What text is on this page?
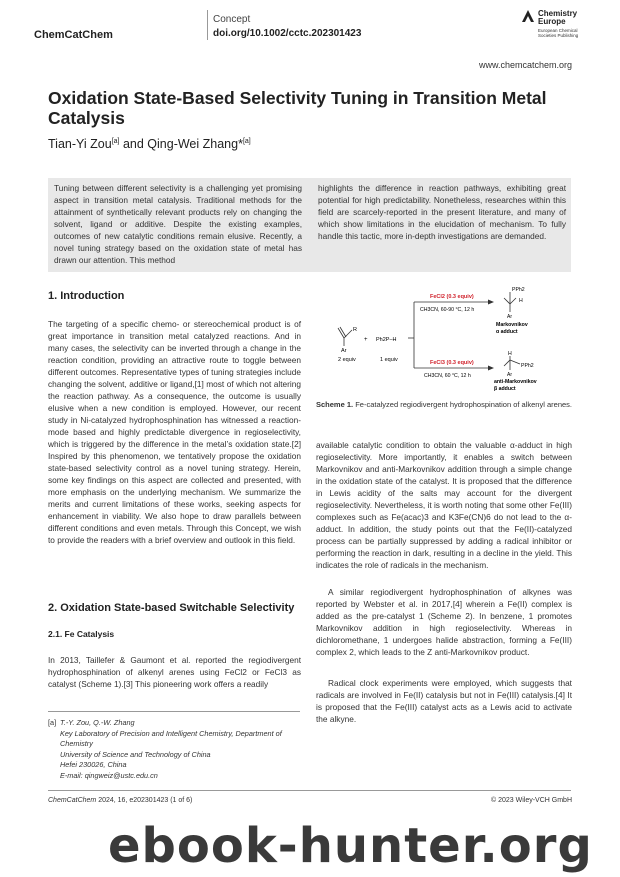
ChemCatChem
Concept
doi.org/10.1002/cctc.202301423
Chemistry
Europe
European Chemical Societies Publishing
www.chemcatchem.org
Oxidation State-Based Selectivity Tuning in Transition Metal Catalysis
Tian-Yi Zou[a] and Qing-Wei Zhang*[a]
Tuning between different selectivity is a challenging yet promising aspect in transition metal catalysis. Traditional methods for the attainment of synthetically relevant products rely on changing the solvent, ligand or additive. Despite the existing examples, outcomes of new catalytic conditions remain elusive. Recently, a novel tuning strategy based on the oxidation state of metal has drawn our attention. This method
highlights the difference in reaction pathways, exhibiting great potential for high predictability. Nonetheless, researches within this field are scarcely-reported in the present literature, and many of which show limitations in the elucidation of mechanism. To fully handle this tactic, more in-depth investigations are demanded.
1. Introduction
The targeting of a specific chemo- or stereochemical product is of great importance in transition metal catalyzed reactions. And in many cases, the selectivity can be inverted through a change in the reaction condition, providing an attractive route to toggle between different outcomes. Representative types of tuning strategies include changing the solvent, additive or ligand,[1] most of which not altering the reaction pathway. As a consequence, the outcome is usually elusive when a new condition is employed. However, our recent study in Ni-catalyzed hydrophosphination has witnessed a reaction-mode based and highly predictable divergence in regioselectivity, which is triggered by the difference in the metal’s oxidation state.[2] Inspired by this phenomenon, we tentatively propose the oxidation state-based selectivity control as a novel tuning strategy. Herein, some key findings on this aspect are collected and presented, with more emphasis on the underlying mechanism. We summarize the merits and current limitations of these works, seeking aspects for enhancement in viability. We also hope to draw parallels between different conditions and even metals. Through this Concept, we wish to provide the readers with a brief overview and outlook in this field.
2. Oxidation State-based Switchable Selectivity
2.1. Fe Catalysis
In 2013, Taillefer & Gaumont et al. reported the regiodivergent hydrophosphination of alkenyl arenes using FeCl2 or FeCl3 as catalyst (Scheme 1).[3] This pioneering work offers a readily
R
Ar
2 equiv
+ Ph2P–H
1 equiv
FeCl2 (0.3 equiv)
CH3CN, 60-90 °C, 12 h
FeCl3 (0.3 equiv)
CH3CN, 60 °C, 12 h
PPh2
H
Ar
Markovnikov
α adduct
H
PPh2
Ar
anti-Markovnikov
β adduct
Scheme 1. Fe-catalyzed regiodivergent hydrophospination of alkenyl arenes.
available catalytic condition to obtain the valuable α-adduct in high regioselectivity. More importantly, it enables a switch between Markovnikov and anti-Markovnikov addition through a simple change in the oxidation state of the catalyst. It is proposed that the difference in Lewis acidity of the salts may account for the divergent regioselectivity. Nevertheless, it is worth noting that some other Fe(III) complexes such as Fe(acac)3 and K3Fe(CN)6 do not lead to the α-adduct. In addition, the study points out that the Fe(II)-catalyzed process can be partially suppressed by adding a radical inhibitor or performing the reaction in dark, resulting in a decline in the yield. This indicates the role of radicals in the mechanism.
A similar regiodivergent hydrophosphination of alkynes was reported by Webster et al. in 2017,[4] wherein a Fe(II) complex is added as the pre-catalyst 1 (Scheme 2). In benzene, 1 promotes Markovnikov addition in high regioselectivity. Whereas in dichloromethane, 1 undergoes halide abstraction, forming a Fe(III) complex 2, which leads to the Z anti-Markovnikov product.
Radical clock experiments were employed, which suggests that radicals are involved in Fe(II) catalysis but not in Fe(III) catalysis.[4] It is proposed that the Fe(III) catalyst acts as a Lewis acid to activate the alkyne.
[a] T.-Y. Zou, Q.-W. Zhang
Key Laboratory of Precision and Intelligent Chemistry, Department of Chemistry
University of Science and Technology of China
Hefei 230026, China
E-mail: qingweiz@ustc.edu.cn
ChemCatChem 2024, 16, e202301423 (1 of 6)	© 2023 Wiley-VCH GmbH
ebook-hunter.org
